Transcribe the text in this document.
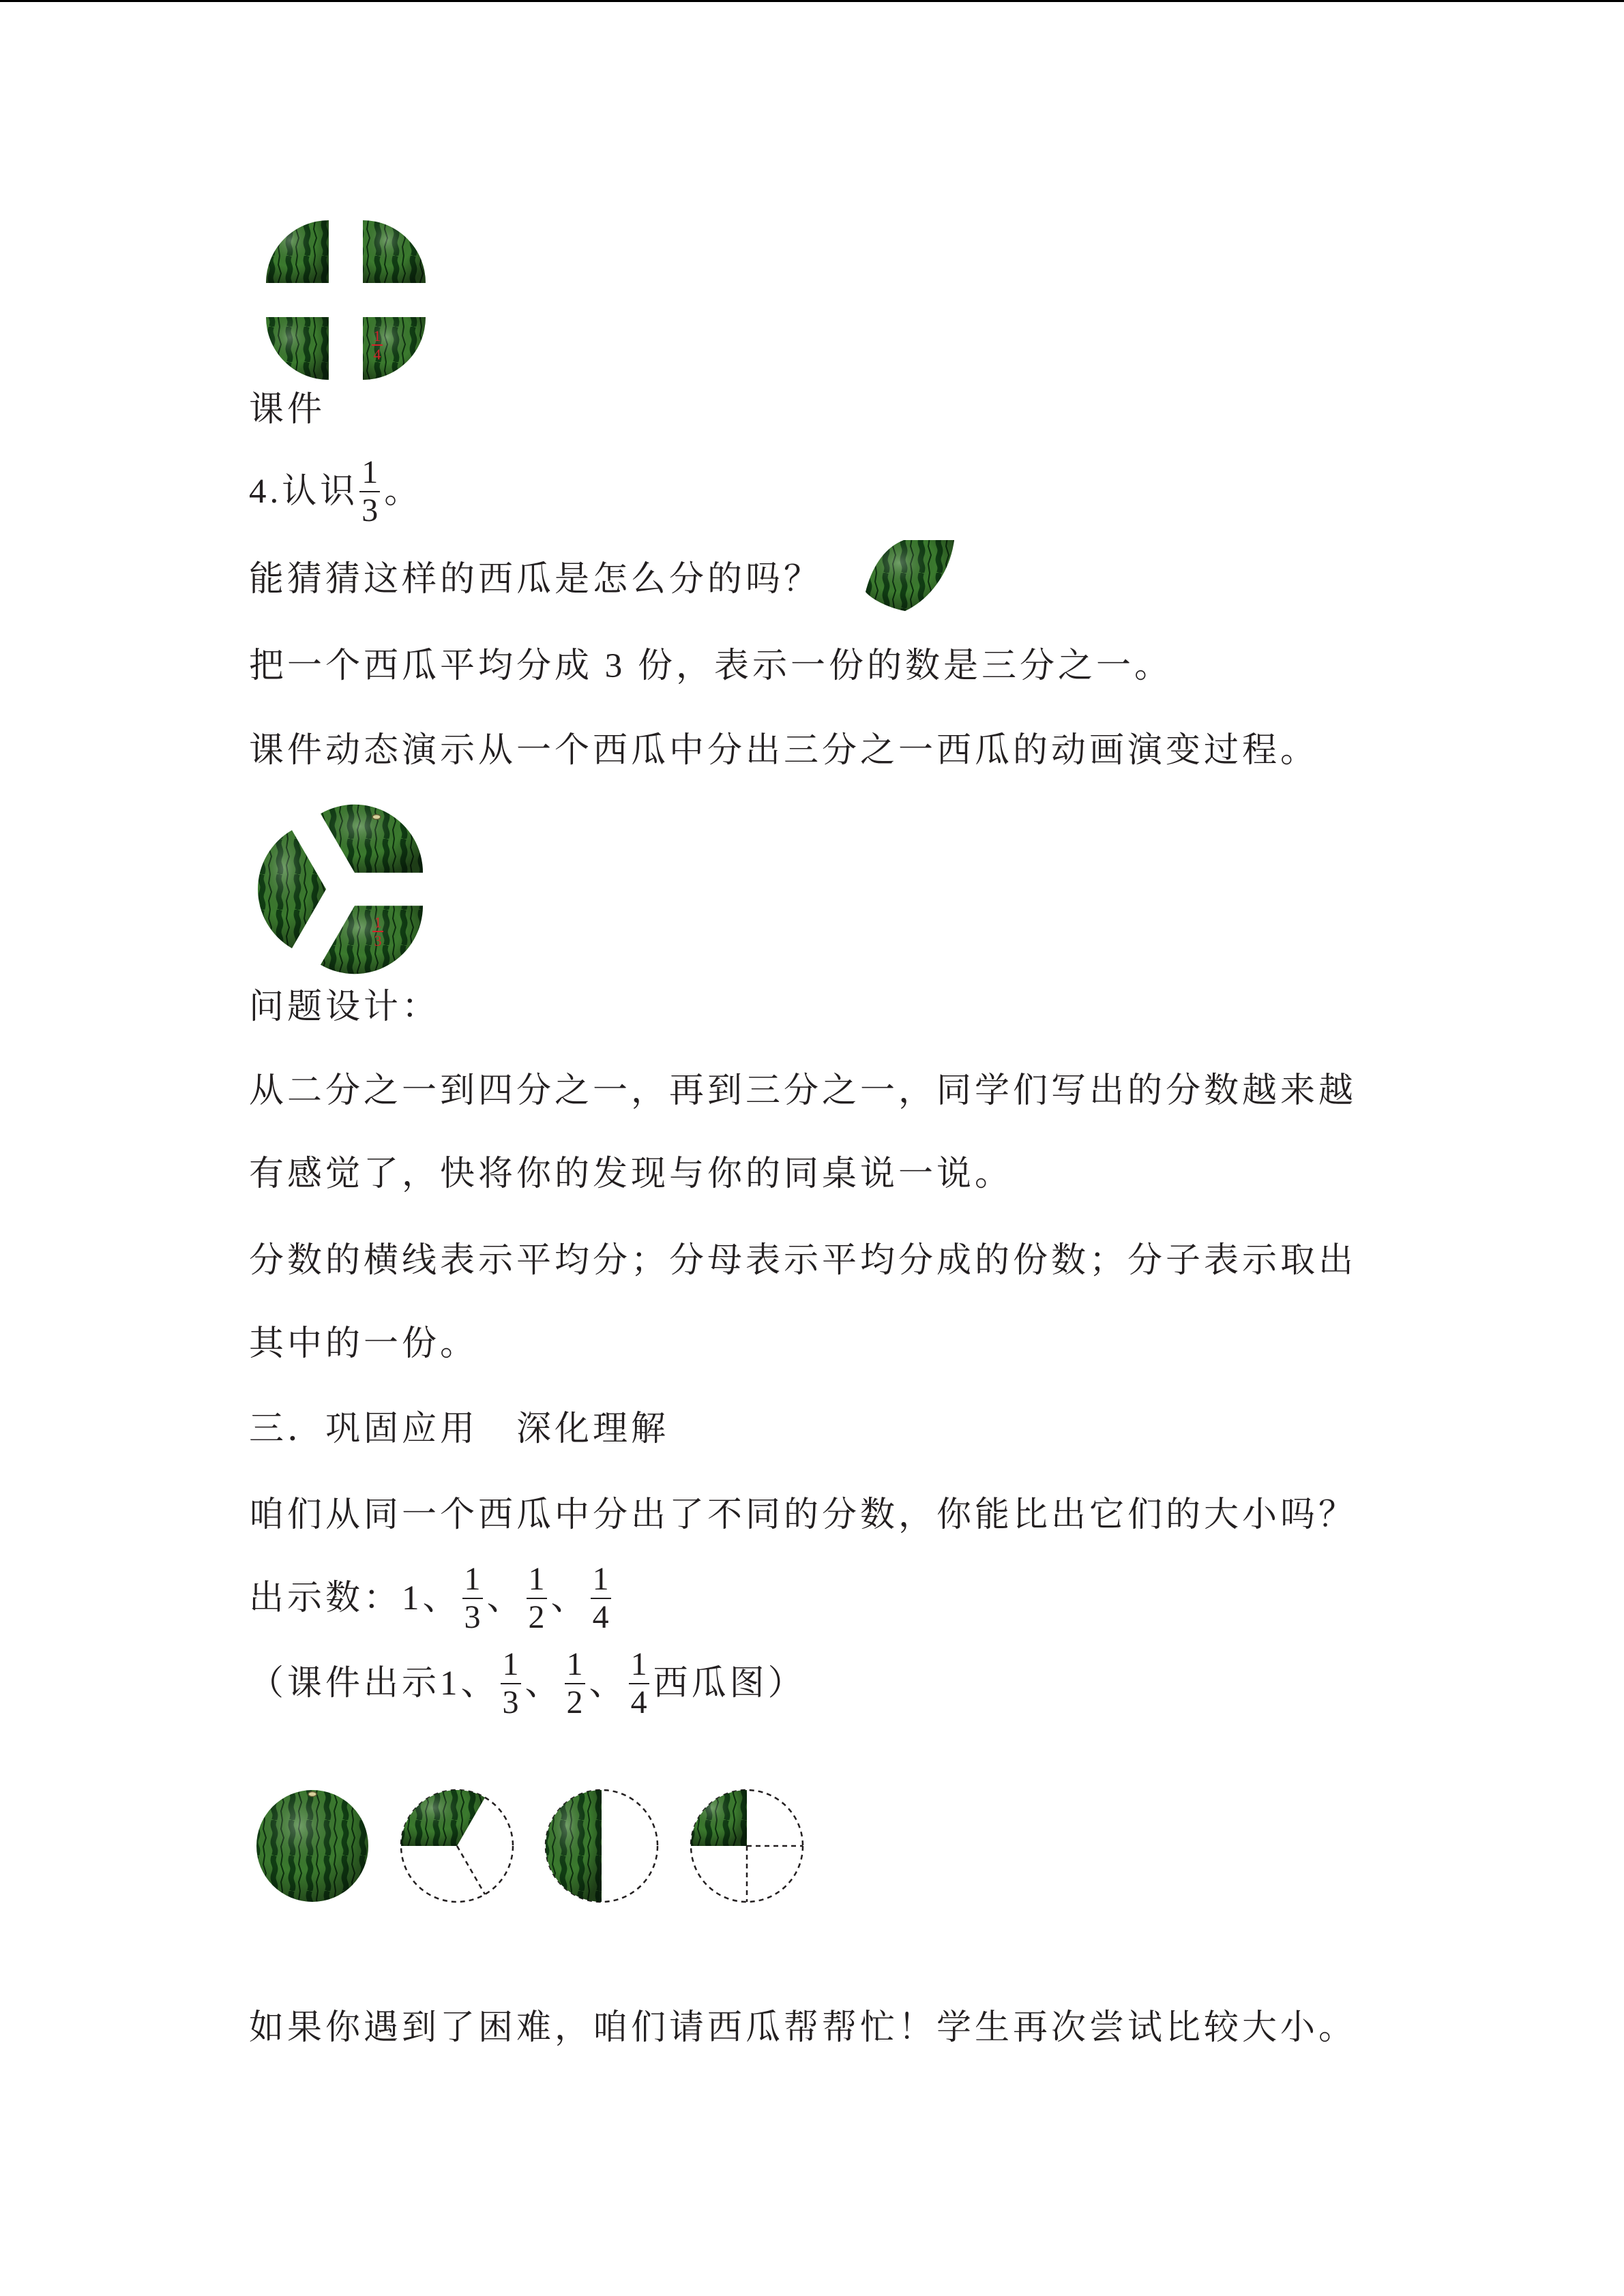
1
4
课件
4.认识 $\frac{1}{3}$ 。
能猜猜这样的西瓜是怎么分的吗？
把一个西瓜平均分成 3 份，表示一份的数是三分之一。
课件动态演示从一个西瓜中分出三分之一西瓜的动画演变过程。
1
3
问题设计：
从二分之一到四分之一，再到三分之一，同学们写出的分数越来越
有感觉了，快将你的发现与你的同桌说一说。
分数的横线表示平均分；分母表示平均分成的份数；分子表示取出
其中的一份。
三．巩固应用　深化理解
咱们从同一个西瓜中分出了不同的分数，你能比出它们的大小吗？
出示数： 1 、 $\frac{1}{3}$ 、 $\frac{1}{2}$ 、 $\frac{1}{4}$
（课件出示 1 、 $\frac{1}{3}$ 、 $\frac{1}{2}$ 、 $\frac{1}{4}$ 西瓜图）
如果你遇到了困难，咱们请西瓜帮帮忙！学生再次尝试比较大小。
